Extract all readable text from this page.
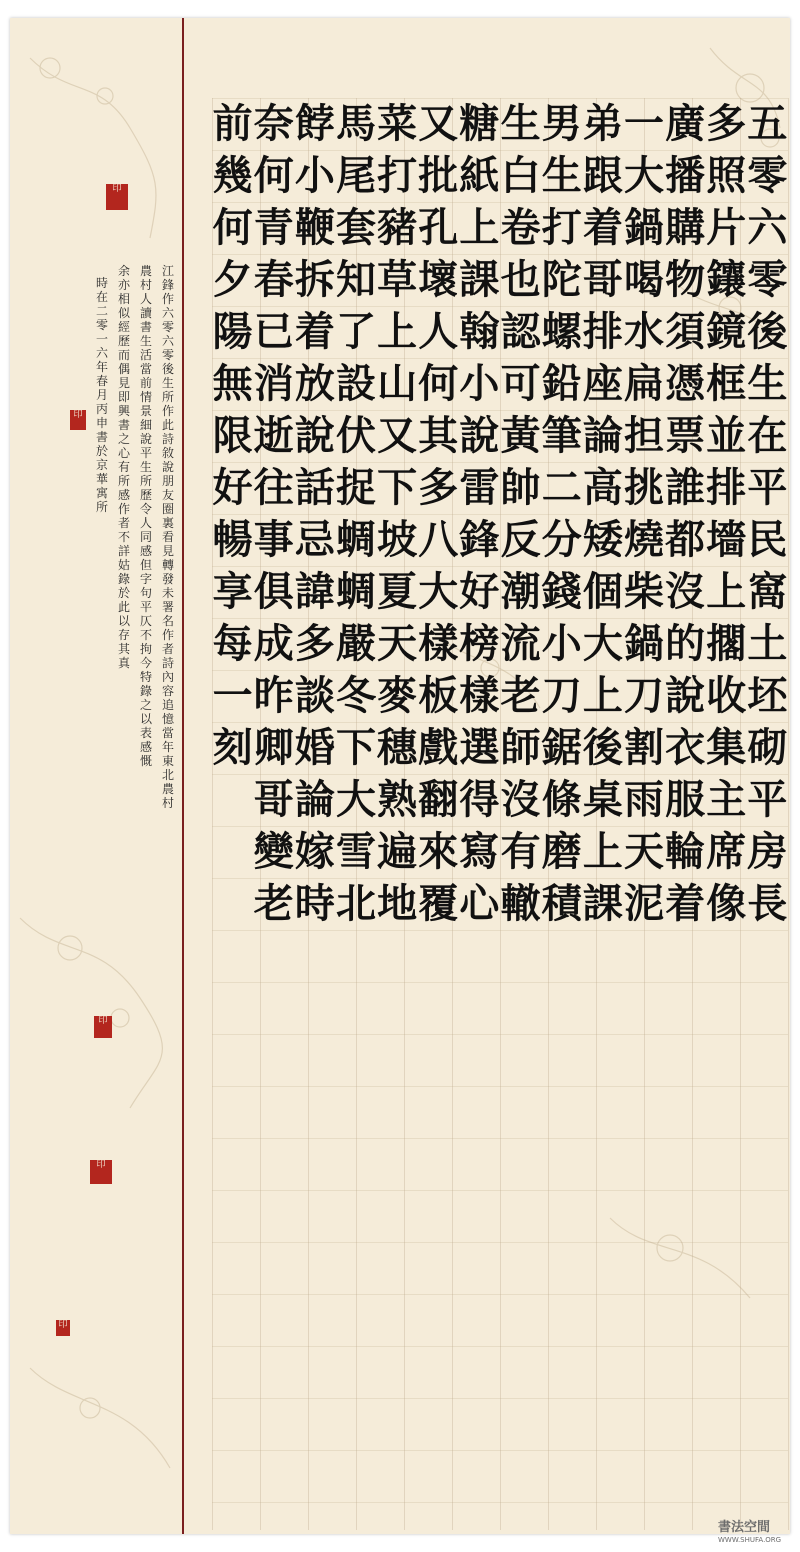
五
零
六
零
後
生
在
平
民
窩
土
坯
砌
平
房
長
多
照
片
鑲
鏡
框
並
排
墻
上
擱
收
集
主
席
像
廣
播
購
物
須
憑
票
誰
都
沒
的
說
衣
服
輪
着
一
大
鍋
喝
水
扁
担
挑
燒
柴
鍋
刀
割
雨
天
泥
弟
跟
着
哥
排
座
論
高
矮
個
大
上
後
桌
上
課
男
生
打
陀
螺
鉛
筆
二
分
錢
小
刀
鋸
條
磨
積
生
白
卷
也
認
可
黃
帥
反
潮
流
老
師
沒
有
轍
糖
紙
上
課
翰
小
說
雷
鋒
好
榜
樣
選
得
寫
心
又
批
孔
壞
人
何
其
多
八
大
樣
板
戲
翻
來
覆
菜
打
豬
草
上
山
又
下
坡
夏
天
麥
穗
熟
遍
地
馬
尾
套
知
了
設
伏
捉
蜩
蜩
嚴
冬
下
大
雪
北
餑
小
鞭
拆
着
放
說
話
忌
諱
多
談
婚
論
嫁
時
奈
何
青
春
已
消
逝
往
事
俱
成
昨
卿
哥
變
老
前
幾
何
夕
陽
無
限
好
暢
享
每
一
刻
江鋒作六零六零後生所作此詩敘說朋友圈裏看見轉發未署名作者詩內容追憶當年東北農村
農村人讀書生活當前情景細說平生所歷令人同感但字句平仄不拘今特錄之以表感慨
余亦相似經歷而偶見即興書之心有所感作者不詳姑錄於此以存其真
時在二零一六年春月丙申書於京華寓所
印
印
印
印
印
書法空間
WWW.SHUFA.ORG
